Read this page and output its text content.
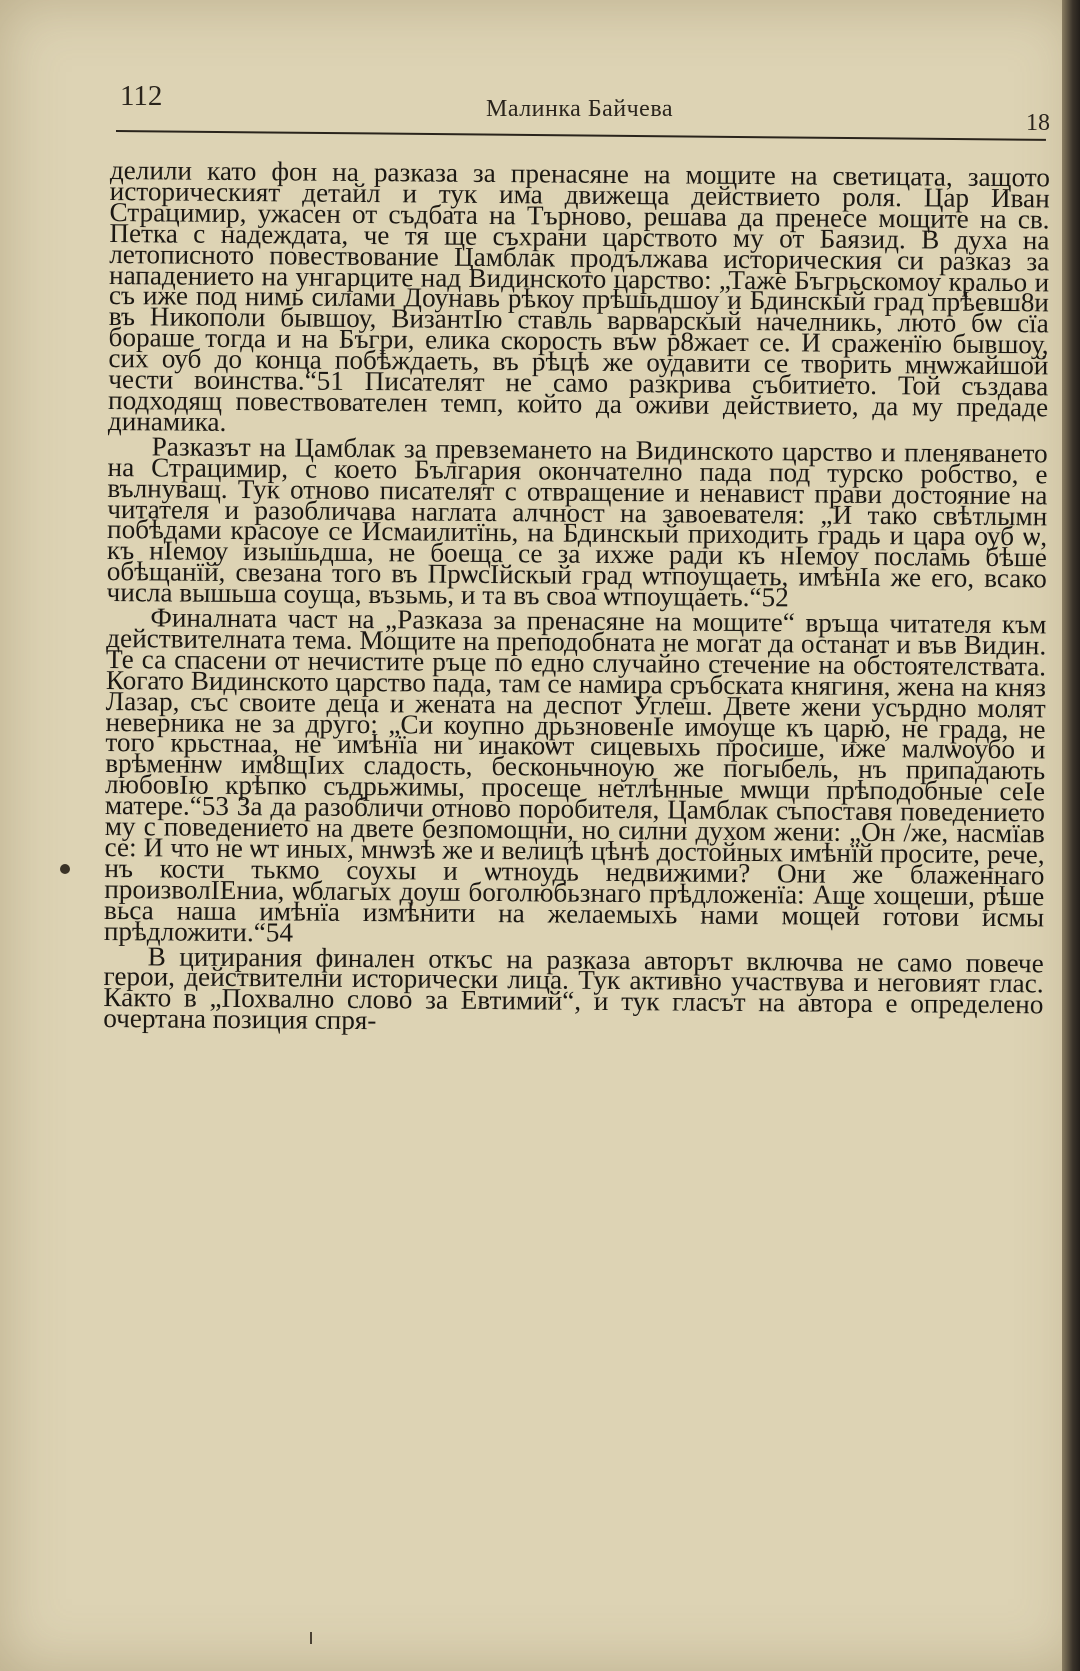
112	Малинка Байчева
18

делили като фон на разказа за пренасяне на мощите на светицата, защото историческият детайл и тук има движеща действието роля. Цар Иван Страцимир, ужасен от съдбата на Търново, решава да пренесе мощите на св. Петка с надеждата, че тя ще съхрани царството му от Баязид. В духа на летописното повествование Цамблак продължава историческия си разказ за нападението на унгарците над Видинското царство: „Таже Бъгрьскомоу кральо и съ иже под нимь силами Доунавь рѣкоу прѣшьдшоу и Бдинскый град прѣевш8и въ Никополи бывшоу, ВизантIю ставль варварскый начелникь, люто бѡ сїа бораше тогда и на Бъгри, елика скорость въѡ р8жает се. И сраженїю бывшоу, сих оуб до конца побѣждаеть, въ рѣцѣ же оудавити се творить мнѡжайшой чести воинства.“51 Писателят не само разкрива събитието. Той създава подходящ повествователен темп, който да оживи действието, да му предаде динамика.

Разказът на Цамблак за превземането на Видинското царство и пленяването на Страцимир, с което България окончателно пада под турско робство, е вълнуващ. Тук отново писателят с отвращение и ненавист прави достояние на читателя и разобличава наглата алчност на завоевателя: „И тако свѣтлымн побѣдами красоуе се Исмаилитїнь, на Бдинскый приходить градь и цара оуб ѡ, къ нIемоу изышьдша, не боеща се за ихже ради къ нIемоу посламь бѣше обѣщанїй, свезана того въ ПрѡсIйскый град ѡтпоущаеть, имѣнIа же его, всако числа вышьша соуща, възьмь, и та въ своа ѡтпоущаеть.“52

Финалната част на „Разказа за пренасяне на мощите“ връща читателя към действителната тема. Мощите на преподобната не могат да останат и във Видин. Те са спасени от нечистите ръце по едно случайно стечение на обстоятелствата. Когато Видинското царство пада, там се намира сръбската княгиня, жена на княз Лазар, със своите деца и жената на деспот Углеш. Двете жени усърдно молят неверника не за друго: „Си коупно дрьзновенIе имоуще къ царю, не града, не того крьстнаа, не имѣнїа ни инакоѡт сицевыхь просише, иже малѡоубо и врѣменнѡ им8щIих сладость, бесконьчноую же погыбель, нъ припадають любовIю крѣпко съдрьжимы, просеще нетлѣнные мѡщи прѣподобные сеIе матере.“53 За да разобличи отново поробителя, Цамблак съпоставя поведението му с поведението на двете безпомощни, но силни духом жени: „Он /же, насмїав се: И что не ѡт иных, мнѡзѣ же и велицѣ цѣнѣ достойных имѣнїй просите, рече, нъ кости тькмо соухы и ѡтноудь недвижими? Они же блаженнаго произволIЕниа, ѡблагых доуш боголюбьзнаго прѣдложенїа: Аще хощеши, рѣше вьса наша имѣнїа измѣнити на желаемыхь нами мощей готови исмы прѣдложити.“54

В цитирания финален откъс на разказа авторът включва не само повече герои, действителни исторически лица. Тук активно участвува и неговият глас. Както в „Похвално слово за Евтимий“, и тук гласът на автора е определено очертана позиция спря-
